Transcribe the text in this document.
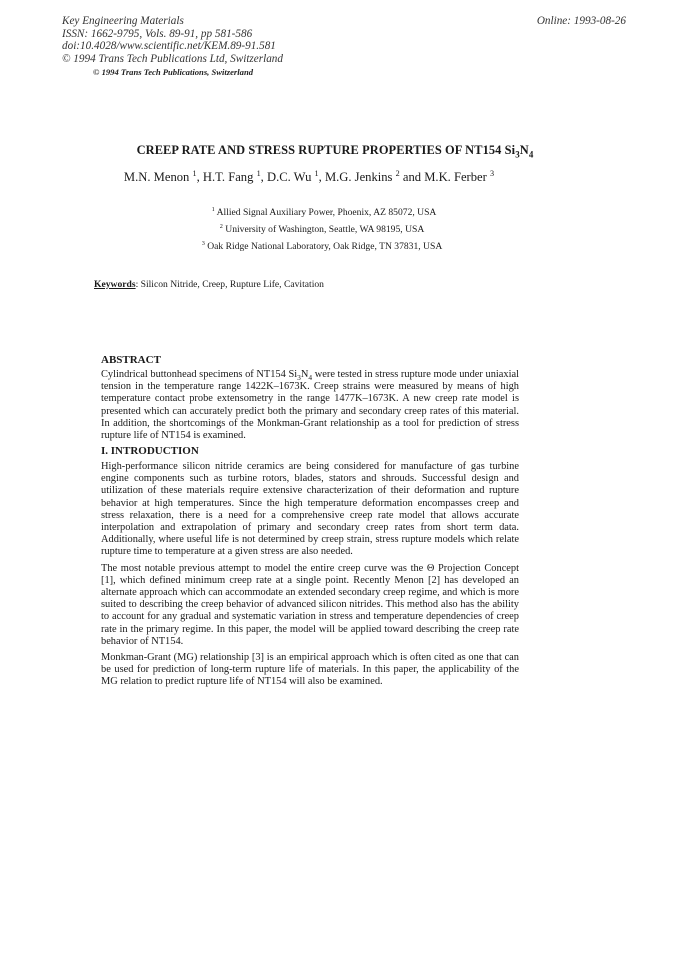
Key Engineering Materials
ISSN: 1662-9795, Vols. 89-91, pp 581-586
doi:10.4028/www.scientific.net/KEM.89-91.581
© 1994 Trans Tech Publications Ltd, Switzerland
Online: 1993-08-26
© 1994 Trans Tech Publications, Switzerland
CREEP RATE AND STRESS RUPTURE PROPERTIES OF NT154 $Si_3N_4$
M.N. Menon $^1$, H.T. Fang $^1$, D.C. Wu $^1$, M.G. Jenkins $^2$ and M.K. Ferber $^3$
$^1$ Allied Signal Auxiliary Power, Phoenix, AZ 85072, USA
$^2$ University of Washington, Seattle, WA 98195, USA
$^3$ Oak Ridge National Laboratory, Oak Ridge, TN 37831, USA
Keywords: Silicon Nitride, Creep, Rupture Life, Cavitation
ABSTRACT

Cylindrical buttonhead specimens of NT154 $Si_3N_4$ were tested in stress rupture mode under uniaxial tension in the temperature range 1422K–1673K. Creep strains were measured by means of high temperature contact probe extensometry in the range 1477K–1673K. A new creep rate model is presented which can accurately predict both the primary and secondary creep rates of this material. In addition, the shortcomings of the Monkman-Grant relationship as a tool for prediction of stress rupture life of NT154 is examined.

I. INTRODUCTION

High-performance silicon nitride ceramics are being considered for manufacture of gas turbine engine components such as turbine rotors, blades, stators and shrouds. Successful design and utilization of these materials require extensive characterization of their deformation and rupture behavior at high temperatures. Since the high temperature deformation encompasses creep and stress relaxation, there is a need for a comprehensive creep rate model that allows accurate interpolation and extrapolation of primary and secondary creep rates from short term data. Additionally, where useful life is not determined by creep strain, stress rupture models which relate rupture time to temperature at a given stress are also needed.

The most notable previous attempt to model the entire creep curve was the Θ Projection Concept [1], which defined minimum creep rate at a single point. Recently Menon [2] has developed an alternate approach which can accommodate an extended secondary creep regime, and which is more suited to describing the creep behavior of advanced silicon nitrides. This method also has the ability to account for any gradual and systematic variation in stress and temperature dependencies of creep rate in the primary regime. In this paper, the model will be applied toward describing the creep rate behavior of NT154.

Monkman-Grant (MG) relationship [3] is an empirical approach which is often cited as one that can be used for prediction of long-term rupture life of materials. In this paper, the applicability of the MG relation to predict rupture life of NT154 will also be examined.
